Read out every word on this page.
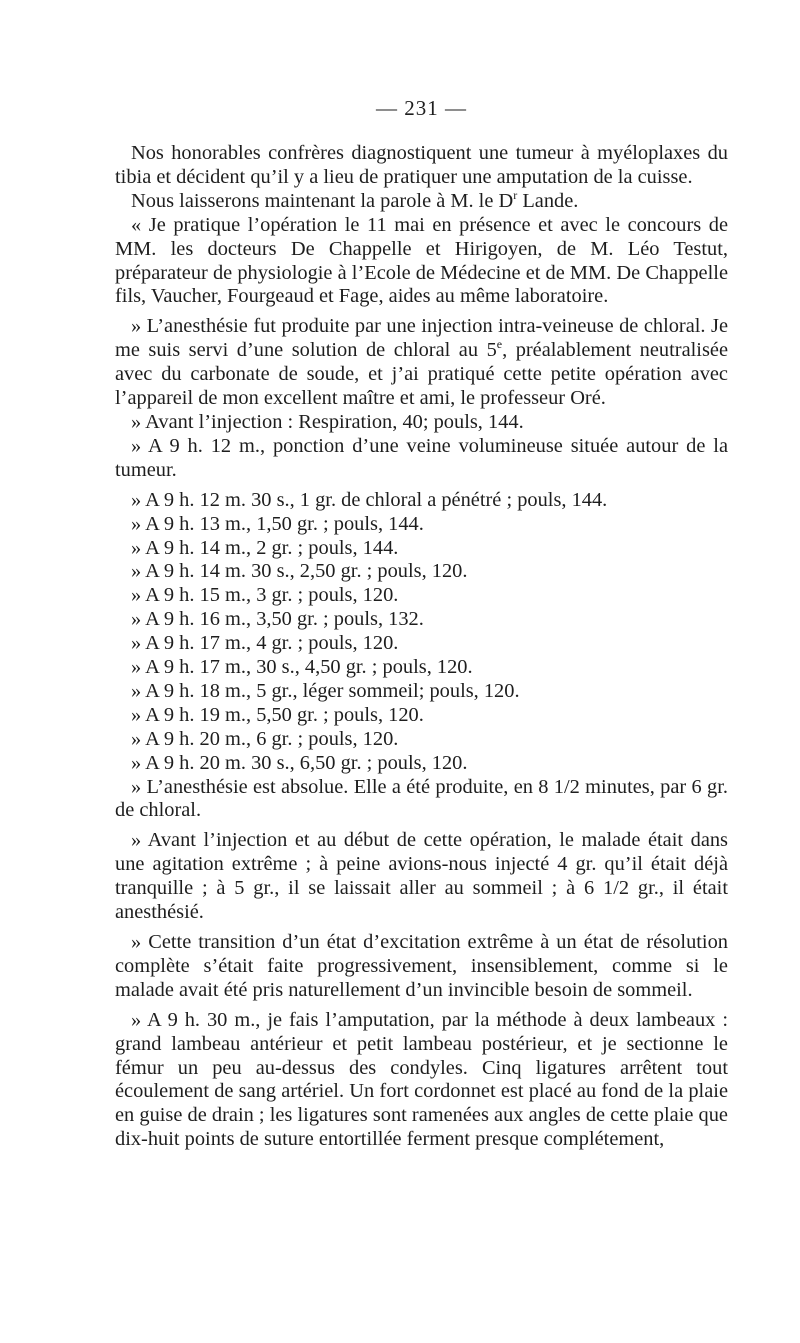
— 231 —

Nos honorables confrères diagnostiquent une tumeur à myéloplaxes du tibia et décident qu’il y a lieu de pratiquer une amputation de la cuisse.

Nous laisserons maintenant la parole à M. le $D^r$ Lande.

« Je pratique l’opération le 11 mai en présence et avec le concours de MM. les docteurs De Chappelle et Hirigoyen, de M. Léo Testut, préparateur de physiologie à l’Ecole de Médecine et de MM. De Chappelle fils, Vaucher, Fourgeaud et Fage, aides au même laboratoire.

» L’anesthésie fut produite par une injection intra-veineuse de chloral. Je me suis servi d’une solution de chloral au 5e, préalablement neutralisée avec du carbonate de soude, et j’ai pratiqué cette petite opération avec l’appareil de mon excellent maître et ami, le professeur Oré.

» Avant l’injection : Respiration, 40; pouls, 144.

» A 9 h. 12 m., ponction d’une veine volumineuse située autour de la tumeur.

» A 9 h. 12 m. 30 s., 1 gr. de chloral a pénétré ; pouls, 144.

» A 9 h. 13 m., 1,50 gr. ; pouls, 144.

» A 9 h. 14 m., 2 gr. ; pouls, 144.

» A 9 h. 14 m. 30 s., 2,50 gr. ; pouls, 120.

» A 9 h. 15 m., 3 gr. ; pouls, 120.

» A 9 h. 16 m., 3,50 gr. ; pouls, 132.

» A 9 h. 17 m., 4 gr. ; pouls, 120.

» A 9 h. 17 m., 30 s., 4,50 gr. ; pouls, 120.

» A 9 h. 18 m., 5 gr., léger sommeil; pouls, 120.

» A 9 h. 19 m., 5,50 gr. ; pouls, 120.

» A 9 h. 20 m., 6 gr. ; pouls, 120.

» A 9 h. 20 m. 30 s., 6,50 gr. ; pouls, 120.

» L’anesthésie est absolue. Elle a été produite, en 8 1/2 minutes, par 6 gr. de chloral.

» Avant l’injection et au début de cette opération, le malade était dans une agitation extrême ; à peine avions-nous injecté 4 gr. qu’il était déjà tranquille ; à 5 gr., il se laissait aller au sommeil ; à 6 1/2 gr., il était anesthésié.

» Cette transition d’un état d’excitation extrême à un état de résolution complète s’était faite progressivement, insensiblement, comme si le malade avait été pris naturellement d’un invincible besoin de sommeil.

» A 9 h. 30 m., je fais l’amputation, par la méthode à deux lambeaux : grand lambeau antérieur et petit lambeau postérieur, et je sectionne le fémur un peu au-dessus des condyles. Cinq ligatures arrêtent tout écoulement de sang artériel. Un fort cordonnet est placé au fond de la plaie en guise de drain ; les ligatures sont ramenées aux angles de cette plaie que dix-huit points de suture entortillée ferment presque complétement,
